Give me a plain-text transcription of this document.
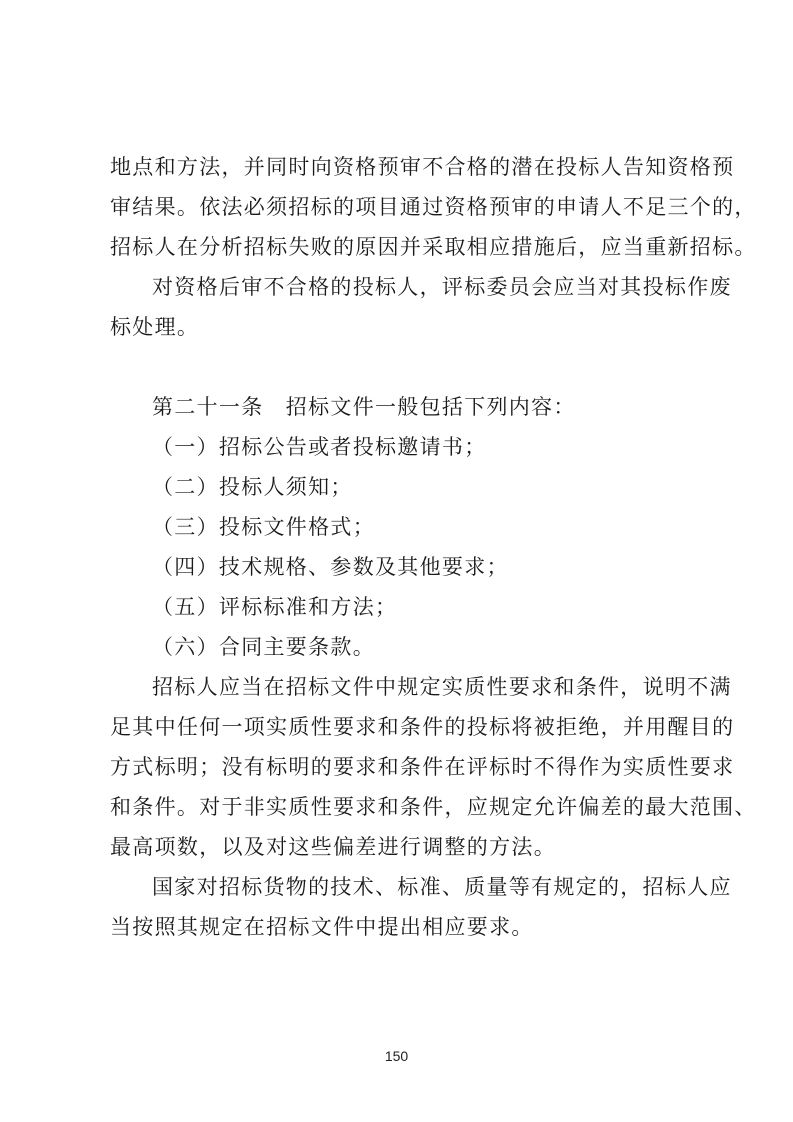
地点和方法，并同时向资格预审不合格的潜在投标人告知资格预
审结果。依法必须招标的项目通过资格预审的申请人不足三个的，
招标人在分析招标失败的原因并采取相应措施后，应当重新招标。
对资格后审不合格的投标人，评标委员会应当对其投标作废
标处理。
第二十一条　招标文件一般包括下列内容：
（一）招标公告或者投标邀请书；
（二）投标人须知；
（三）投标文件格式；
（四）技术规格、参数及其他要求；
（五）评标标准和方法；
（六）合同主要条款。
招标人应当在招标文件中规定实质性要求和条件，说明不满
足其中任何一项实质性要求和条件的投标将被拒绝，并用醒目的
方式标明；没有标明的要求和条件在评标时不得作为实质性要求
和条件。对于非实质性要求和条件，应规定允许偏差的最大范围、
最高项数，以及对这些偏差进行调整的方法。
国家对招标货物的技术、标准、质量等有规定的，招标人应
当按照其规定在招标文件中提出相应要求。
150
